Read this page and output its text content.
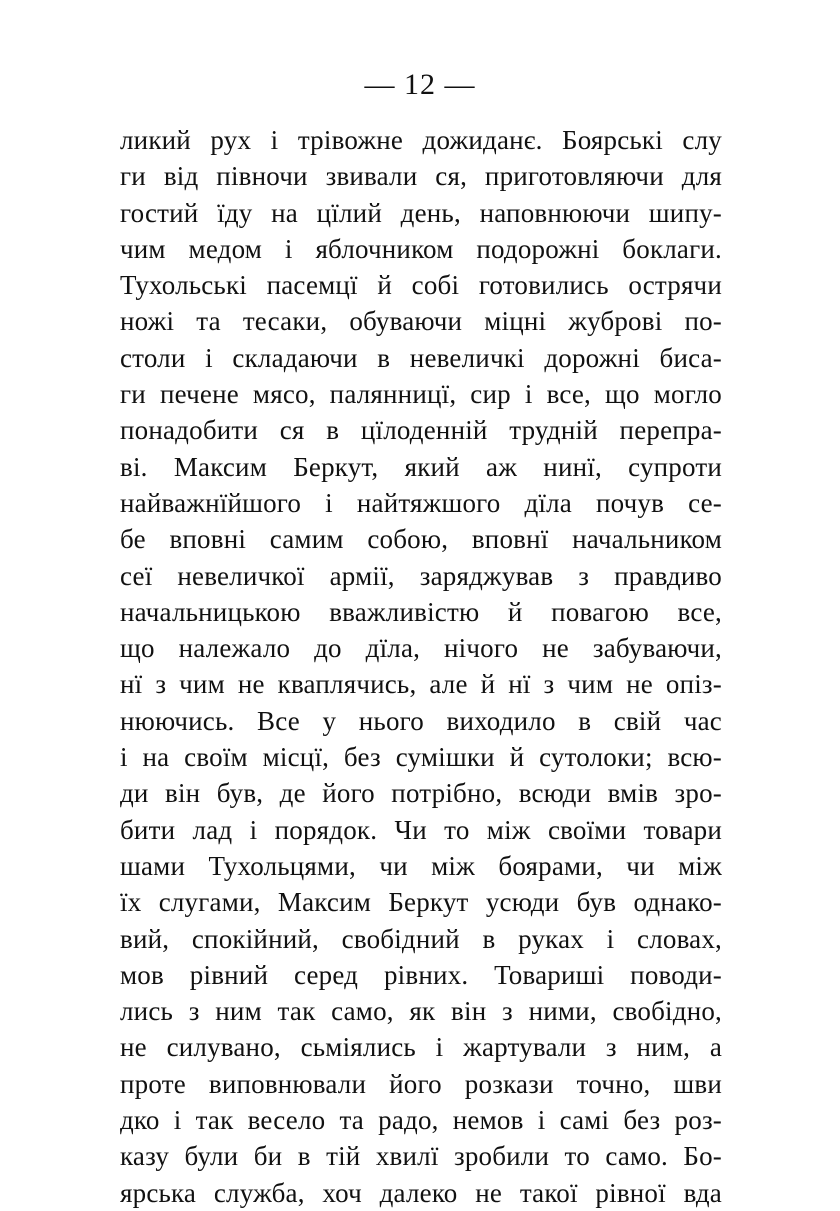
— 12 —
ликий рух і трівожне дожиданє. Боярські слу
ги від півночи звивали ся, приготовляючи для
гостий їду на цїлий день, наповнюючи шипу-
чим медом і яблочником подорожні боклаги.
Тухольські пасемцї й собі готовились острячи
ножі та тесаки, обуваючи міцні жуброві по-
столи і складаючи в невеличкі дорожні биса-
ги печене мясо, палянницї, сир і все, що могло
понадобити ся в цїлоденній трудній перепра-
ві. Максим Беркут, який аж нинї, супроти
найважнїйшого і найтяжшого дїла почув се-
бе вповні самим собою, вповнї начальником
сеї невеличкої армії, заряджував з правдиво
начальницькою вважливістю й повагою все,
що належало до дїла, нічого не забуваючи,
нї з чим не кваплячись, але й нї з чим не опіз-
нюючись. Все у нього виходило в свій час
і на своїм місцї, без сумішки й сутолоки; всю-
ди він був, де його потрібно, всюди вмів зро-
бити лад і порядок. Чи то між своїми товари
шами Тухольцями, чи між боярами, чи між
їх слугами, Максим Беркут усюди був однако-
вий, спокійний, свобідний в руках і словах,
мов рівний серед рівних. Товариші поводи-
лись з ним так само, як він з ними, свобідно,
не силувано, сьміялись і жартували з ним, а
проте виповнювали його розкази точно, шви
дко і так весело та радо, немов і самі без роз-
казу були би в тій хвилї зробили то само. Бо-
ярська служба, хоч далеко не такої рівної вда
